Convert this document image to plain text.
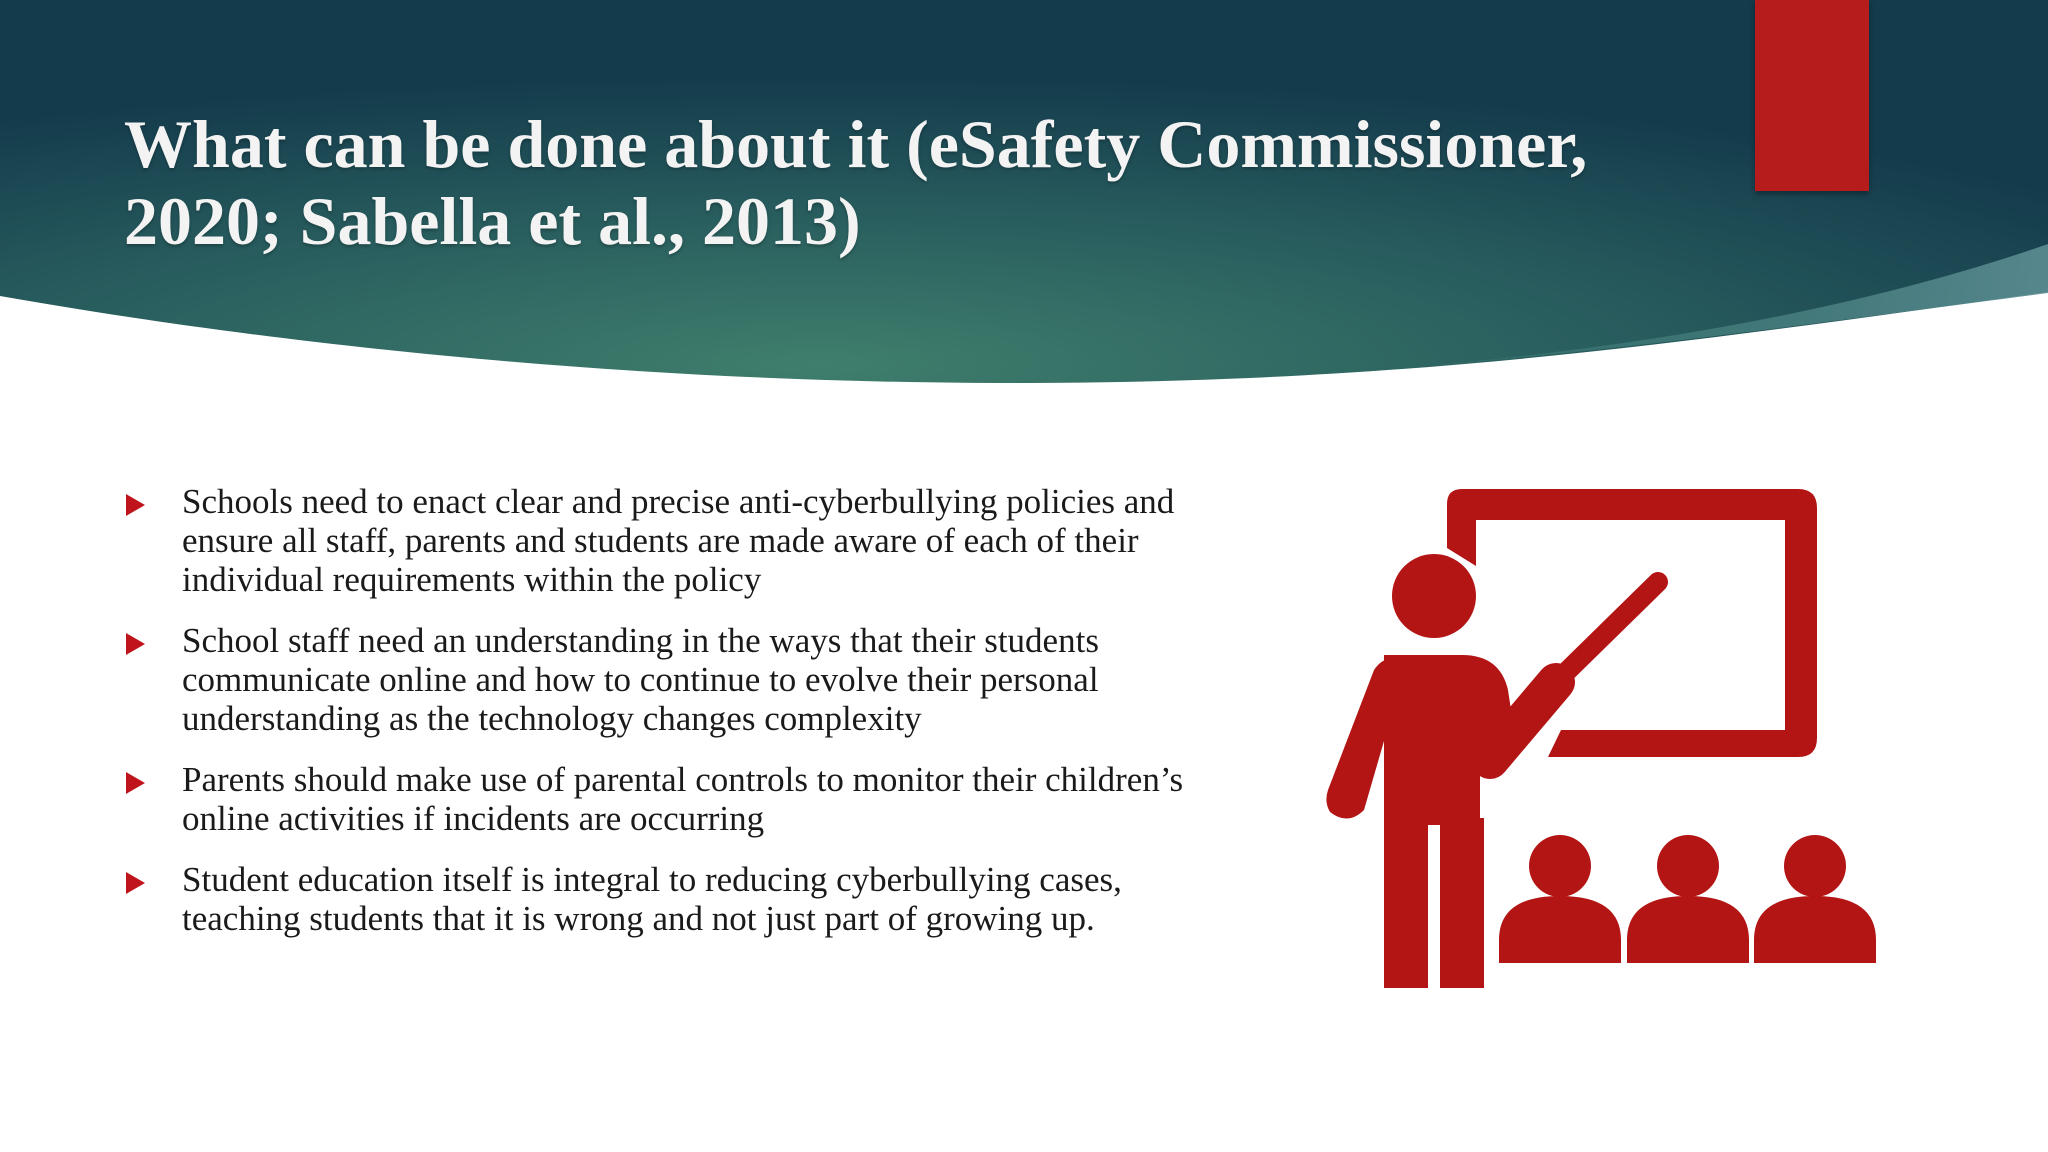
What can be done about it (eSafety Commissioner, 2020; Sabella et al., 2013)
Schools need to enact clear and precise anti-cyberbullying policies and ensure all staff, parents and students are made aware of each of their individual requirements within the policy
School staff need an understanding in the ways that their students communicate online and how to continue to evolve their personal understanding as the technology changes complexity
Parents should make use of parental controls to monitor their children’s online activities if incidents are occurring
Student education itself is integral to reducing cyberbullying cases, teaching students that it is wrong and not just part of growing up.
